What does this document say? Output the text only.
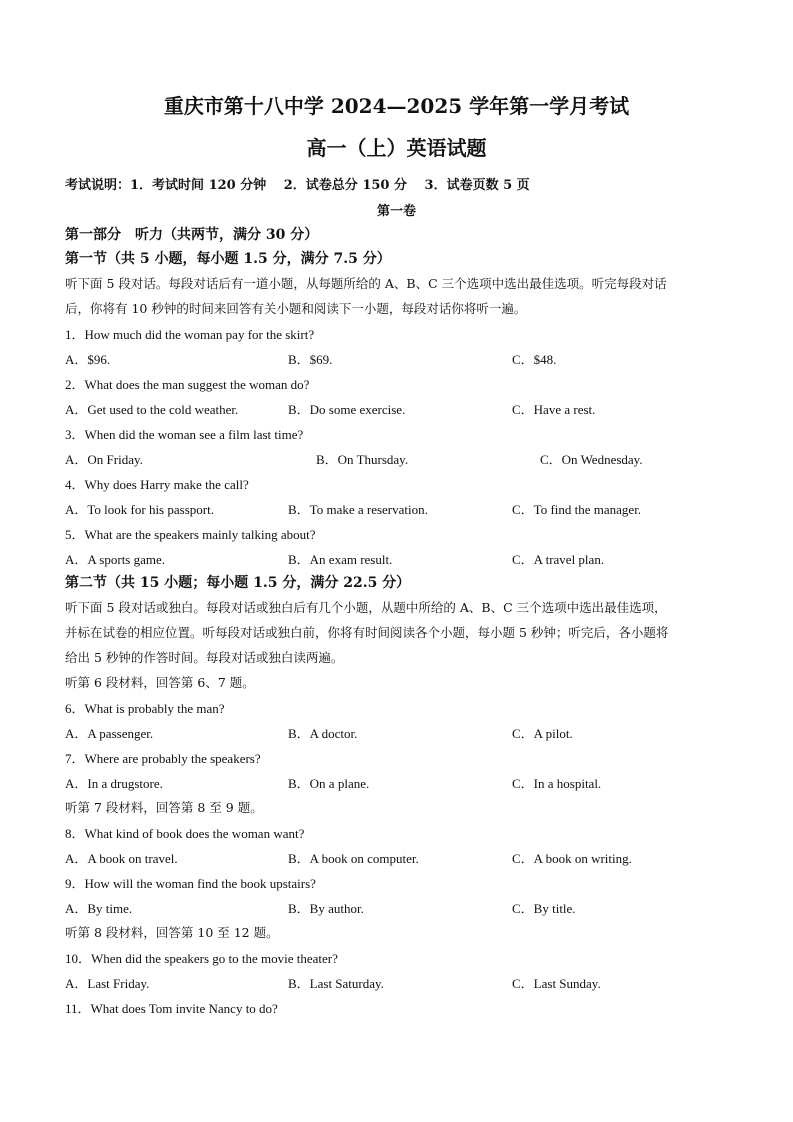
重庆市第十八中学 2024—2025 学年第一学月考试
高一（上）英语试题
考试说明：1．考试时间 120 分钟　 2．试卷总分 150 分　 3．试卷页数 5 页
第一卷
第一部分　听力（共两节，满分 30 分）
第一节（共 5 小题，每小题 1.5 分，满分 7.5 分）
听下面 5 段对话。每段对话后有一道小题，从每题所给的 A、B、C 三个选项中选出最佳选项。听完每段对话
后，你将有 10 秒钟的时间来回答有关小题和阅读下一小题，每段对话你将听一遍。
1．How much did the woman pay for the skirt?
A．$96.	B．$69.	C．$48.
2．What does the man suggest the woman do?
A．Get used to the cold weather.	B．Do some exercise.	C．Have a rest.
3．When did the woman see a film last time?
A．On Friday.	B．On Thursday.	C．On Wednesday.
4．Why does Harry make the call?
A．To look for his passport.	B．To make a reservation.	C．To find the manager.
5．What are the speakers mainly talking about?
A．A sports game.	B．An exam result.	C．A travel plan.
第二节（共 15 小题；每小题 1.5 分，满分 22.5 分）
听下面 5 段对话或独白。每段对话或独白后有几个小题，从题中所给的 A、B、C 三个选项中选出最佳选项，
并标在试卷的相应位置。听每段对话或独白前，你将有时间阅读各个小题，每小题 5 秒钟；听完后，各小题将
给出 5 秒钟的作答时间。每段对话或独白读两遍。
听第 6 段材料，回答第 6、7 题。
6．What is probably the man?
A．A passenger.	B．A doctor.	C．A pilot.
7．Where are probably the speakers?
A．In a drugstore.	B．On a plane.	C．In a hospital.
听第 7 段材料，回答第 8 至 9 题。
8．What kind of book does the woman want?
A．A book on travel.	B．A book on computer.	C．A book on writing.
9．How will the woman find the book upstairs?
A．By time.	B．By author.	C．By title.
听第 8 段材料，回答第 10 至 12 题。
10．When did the speakers go to the movie theater?
A．Last Friday.	B．Last Saturday.	C．Last Sunday.
11．What does Tom invite Nancy to do?
